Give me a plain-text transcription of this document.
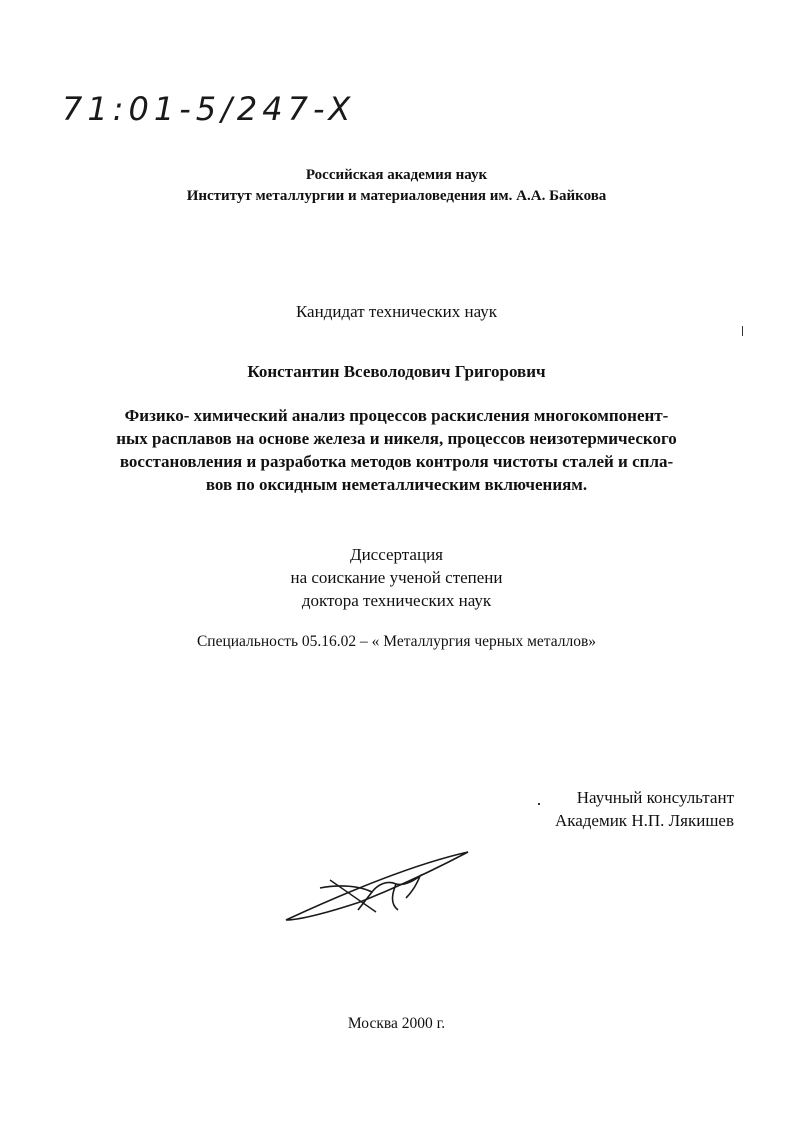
71:01-5/247-X
Российская академия наук
Институт металлургии и материаловедения им. А.А. Байкова
Кандидат технических наук
Константин Всеволодович Григорович
Физико- химический анализ процессов раскисления многокомпонент-
ных расплавов на основе железа и никеля, процессов неизотермического
восстановления и разработка методов контроля чистоты сталей и спла-
вов по оксидным неметаллическим включениям.
Диссертация
на соискание ученой степени
доктора технических наук
Специальность 05.16.02 – « Металлургия черных металлов»
Научный консультант
Академик Н.П. Лякишев
Москва 2000 г.
